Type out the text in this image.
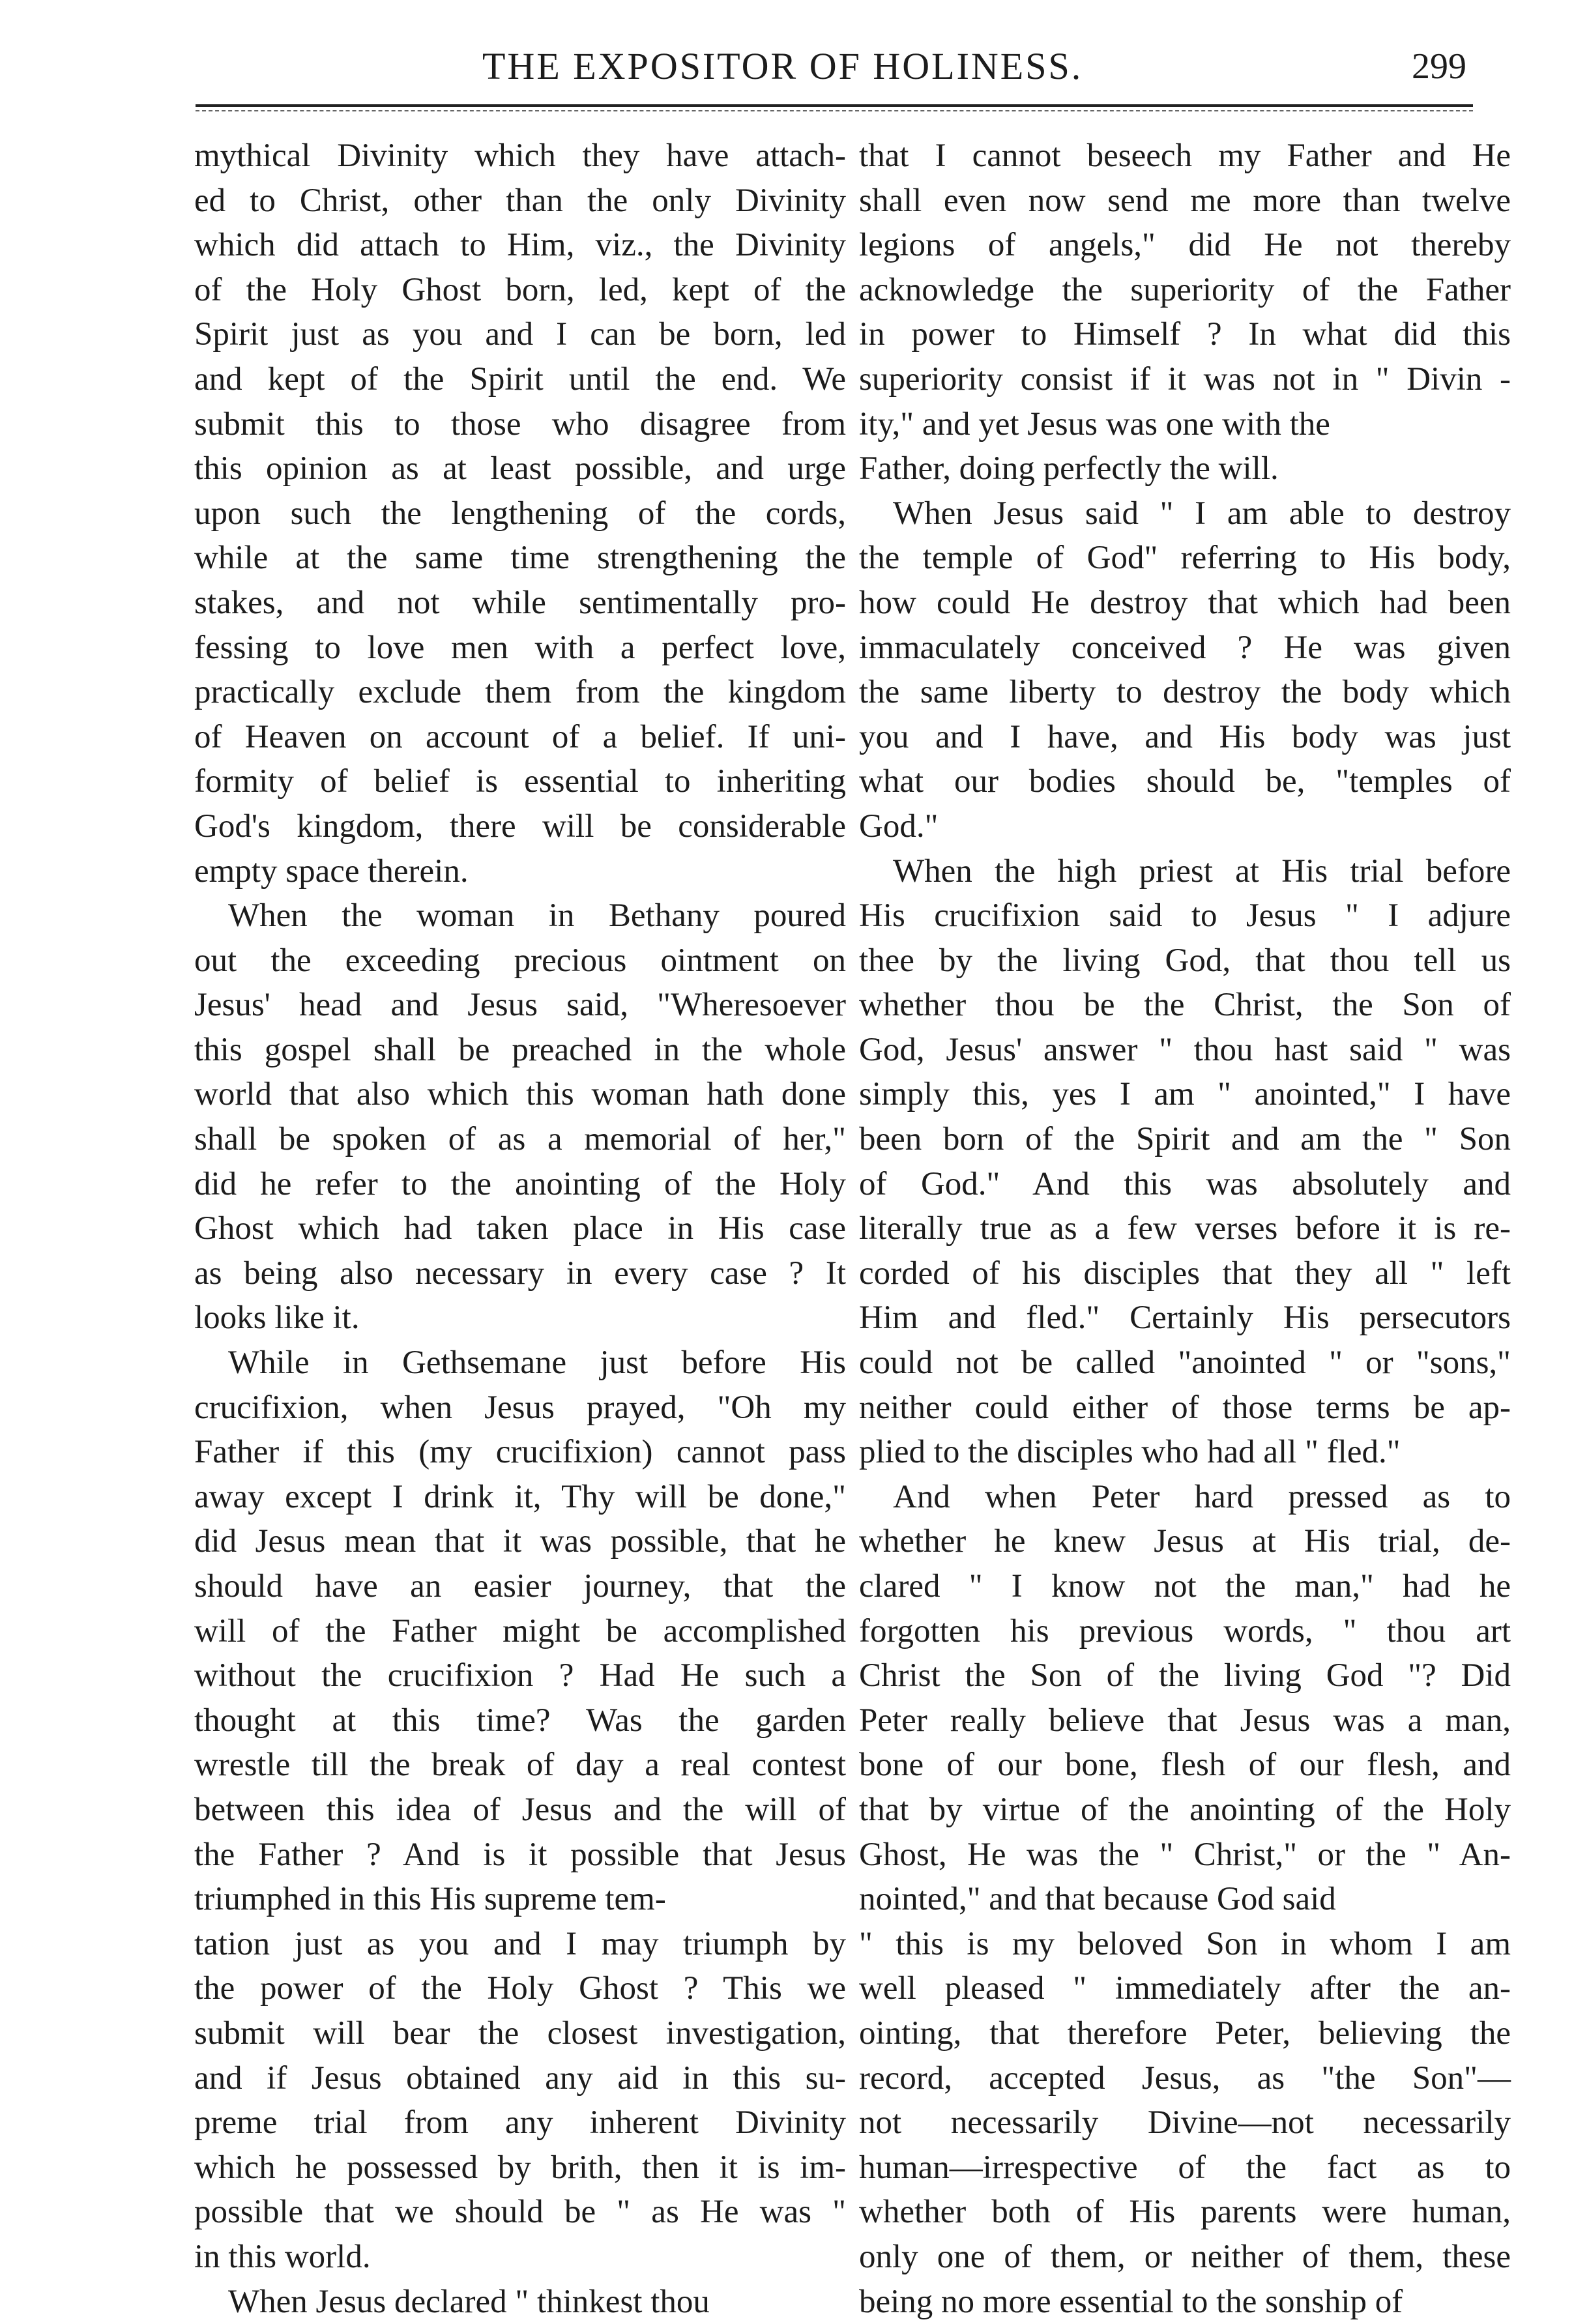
THE EXPOSITOR OF HOLINESS.	299
mythical Divinity which they have attach-
ed to Christ, other than the only Divinity
which did attach to Him, viz., the Divinity
of the Holy Ghost born, led, kept of the
Spirit just as you and I can be born, led
and kept of the Spirit until the end. We
submit this to those who disagree from
this opinion as at least possible, and urge
upon such the lengthening of the cords,
while at the same time strengthening the
stakes, and not while sentimentally pro-
fessing to love men with a perfect love,
practically exclude them from the kingdom
of Heaven on account of a belief. If uni-
formity of belief is essential to inheriting
God's kingdom, there will be considerable
empty space therein.
When the woman in Bethany poured
out the exceeding precious ointment on
Jesus' head and Jesus said, "Wheresoever
this gospel shall be preached in the whole
world that also which this woman hath done
shall be spoken of as a memorial of her,"
did he refer to the anointing of the Holy
Ghost which had taken place in His case
as being also necessary in every case ? It
looks like it.
While in Gethsemane just before His
crucifixion, when Jesus prayed, "Oh my
Father if this (my crucifixion) cannot pass
away except I drink it, Thy will be done,"
did Jesus mean that it was possible, that he
should have an easier journey, that the
will of the Father might be accomplished
without the crucifixion ? Had He such a
thought at this time? Was the garden
wrestle till the break of day a real contest
between this idea of Jesus and the will of
the Father ? And is it possible that Jesus
triumphed in this His supreme tem-
tation just as you and I may triumph by
the power of the Holy Ghost ? This we
submit will bear the closest investigation,
and if Jesus obtained any aid in this su-
preme trial from any inherent Divinity
which he possessed by brith, then it is im-
possible that we should be " as He was "
in this world.
When Jesus declared " thinkest thou
that I cannot beseech my Father and He
shall even now send me more than twelve
legions of angels," did He not thereby
acknowledge the superiority of the Father
in power to Himself ? In what did this
superiority consist if it was not in " Divin -
ity," and yet Jesus was one with the
Father, doing perfectly the will.
When Jesus said " I am able to destroy
the temple of God" referring to His body,
how could He destroy that which had been
immaculately conceived ? He was given
the same liberty to destroy the body which
you and I have, and His body was just
what our bodies should be, "temples of
God."
When the high priest at His trial before
His crucifixion said to Jesus " I adjure
thee by the living God, that thou tell us
whether thou be the Christ, the Son of
God, Jesus' answer " thou hast said " was
simply this, yes I am " anointed," I have
been born of the Spirit and am the " Son
of God." And this was absolutely and
literally true as a few verses before it is re-
corded of his disciples that they all " left
Him and fled." Certainly His persecutors
could not be called "anointed " or "sons,"
neither could either of those terms be ap-
plied to the disciples who had all " fled."
And when Peter hard pressed as to
whether he knew Jesus at His trial, de-
clared " I know not the man," had he
forgotten his previous words, " thou art
Christ the Son of the living God "? Did
Peter really believe that Jesus was a man,
bone of our bone, flesh of our flesh, and
that by virtue of the anointing of the Holy
Ghost, He was the " Christ," or the " An-
nointed," and that because God said
" this is my beloved Son in whom I am
well pleased " immediately after the an-
ointing, that therefore Peter, believing the
record, accepted Jesus, as "the Son"—
not necessarily Divine—not necessarily
human—irrespective of the fact as to
whether both of His parents were human,
only one of them, or neither of them, these
being no more essential to the sonship of
